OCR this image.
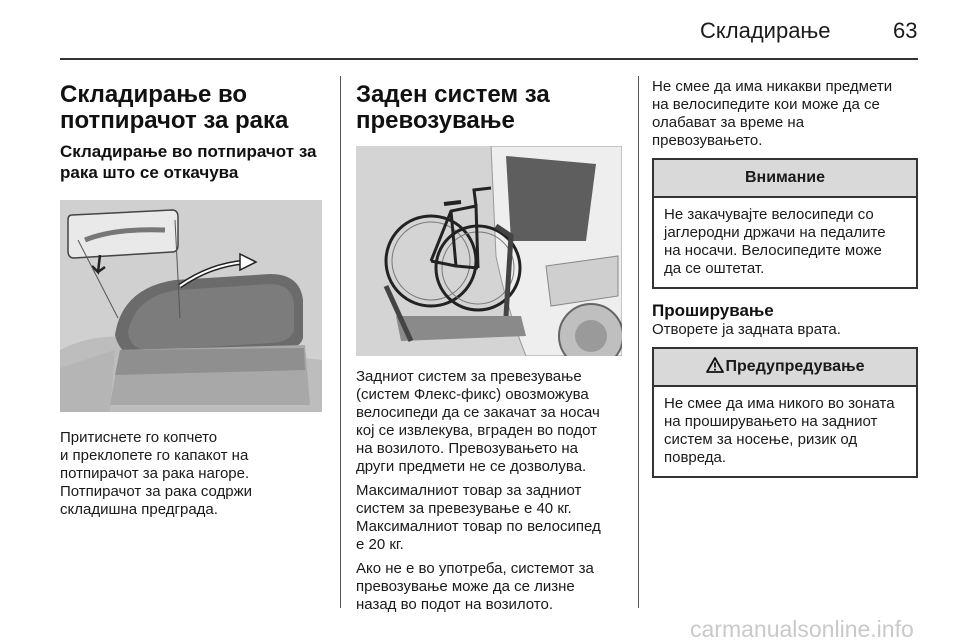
Складирање	63
Складирање во потпирачот за рака
Складирање во потпирачот за рака што се откачува

Притиснете го копчето

и преклопете го капакот на

потпирачот за рака нагоре.

Потпирачот за рака содржи

складишна предграда.

Заден систем за превозување

Задниот систем за превезување

(систем Флекс-фикс) овозможува

велосипеди да се закачат за носач

кој се извлекува, вграден во подот

на возилото. Превозувањето на

други предмети не се дозволува.

Максималниот товар за задниот

систем за превезување е 40 кг.

Максималниот товар по велосипед

е 20 кг.

Ако не е во употреба, системот за

превозување може да се лизне

назад во подот на возилото.

Не смее да има никакви предмети

на велосипедите кои може да се

олабават за време на

превозувањето.

Внимание
Не закачувајте велосипеди со
јаглеродни држачи на педалите
на носачи. Велосипедите може
да се оштетат.
Проширување

Отворете ја задната врата.

Предупредување
Не смее да има никого во зоната
на проширувањето на задниот
систем за носење, ризик од
повреда.
carmanualsonline.info
